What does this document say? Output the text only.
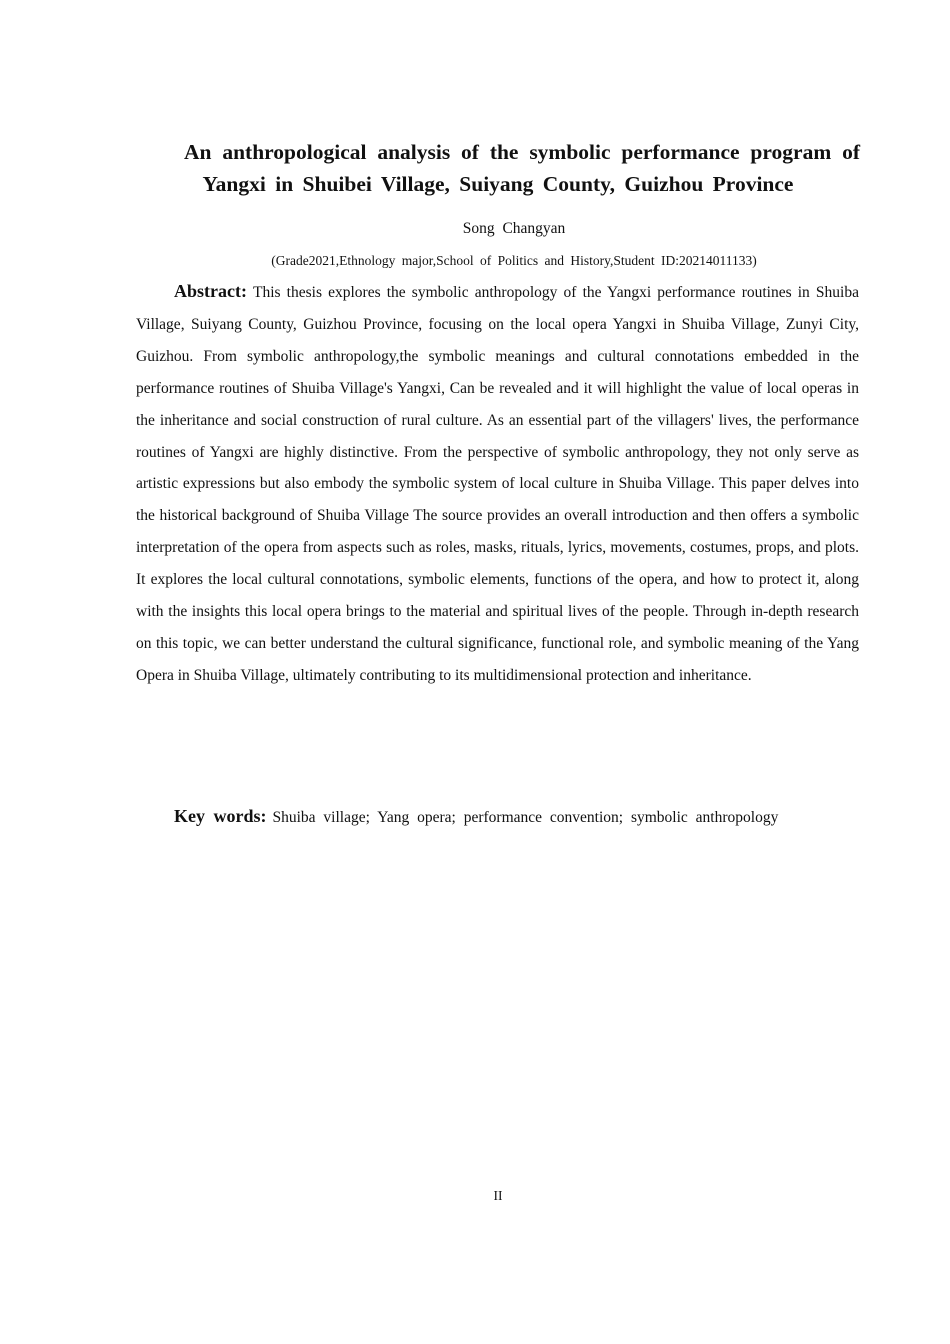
An anthropological analysis of the symbolic performance program of Yangxi in Shuibei Village, Suiyang County, Guizhou Province
Song Changyan
(Grade2021,Ethnology major,School of Politics and History,Student ID:20214011133)

Abstract: This thesis explores the symbolic anthropology of the Yangxi performance routines in Shuiba Village, Suiyang County, Guizhou Province, focusing on the local opera Yangxi in Shuiba Village, Zunyi City, Guizhou. From symbolic anthropology,the symbolic meanings and cultural connotations embedded in the performance routines of Shuiba Village's Yangxi, Can be revealed and it will highlight the value of local operas in the inheritance and social construction of rural culture. As an essential part of the villagers' lives, the performance routines of Yangxi are highly distinctive. From the perspective of symbolic anthropology, they not only serve as artistic expressions but also embody the symbolic system of local culture in Shuiba Village. This paper delves into the historical background of Shuiba Village The source provides an overall introduction and then offers a symbolic interpretation of the opera from aspects such as roles, masks, rituals, lyrics, movements, costumes, props, and plots. It explores the local cultural connotations, symbolic elements, functions of the opera, and how to protect it, along with the insights this local opera brings to the material and spiritual lives of the people. Through in-depth research on this topic, we can better understand the cultural significance, functional role, and symbolic meaning of the Yang Opera in Shuiba Village, ultimately contributing to its multidimensional protection and inheritance.

Key words: Shuiba village; Yang opera; performance convention; symbolic anthropology

II
